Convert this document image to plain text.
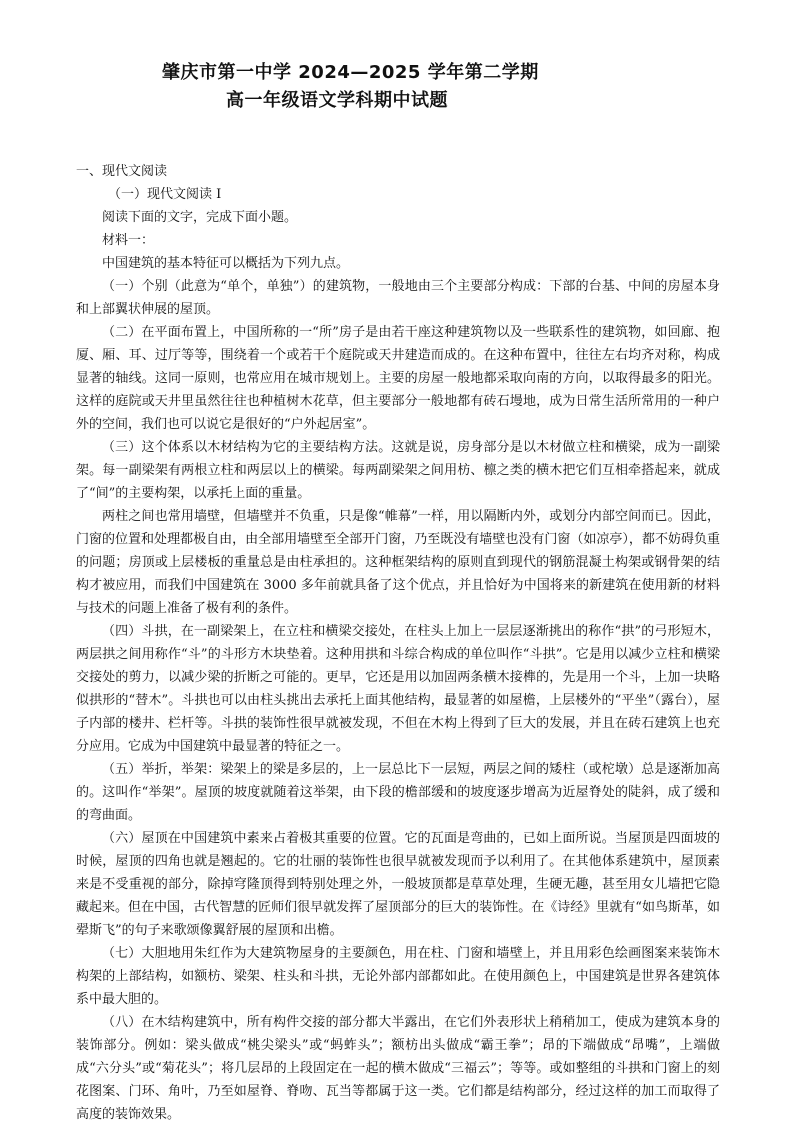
肇庆市第一中学 2024—2025 学年第二学期
高一年级语文学科期中试题

一、现代文阅读

（一）现代文阅读 I

阅读下面的文字，完成下面小题。

材料一：

中国建筑的基本特征可以概括为下列九点。

（一）个别（此意为“单个，单独”）的建筑物，一般地由三个主要部分构成：下部的台基、中间的房屋本身和上部翼状伸展的屋顶。

（二）在平面布置上，中国所称的一“所”房子是由若干座这种建筑物以及一些联系性的建筑物，如回廊、抱厦、厢、耳、过厅等等，围绕着一个或若干个庭院或天井建造而成的。在这种布置中，往往左右均齐对称，构成显著的轴线。这同一原则，也常应用在城市规划上。主要的房屋一般地都采取向南的方向，以取得最多的阳光。这样的庭院或天井里虽然往往也种植树木花草，但主要部分一般地都有砖石墁地，成为日常生活所常用的一种户外的空间，我们也可以说它是很好的“户外起居室”。

（三）这个体系以木材结构为它的主要结构方法。这就是说，房身部分是以木材做立柱和横梁，成为一副梁架。每一副梁架有两根立柱和两层以上的横梁。每两副梁架之间用枋、檩之类的横木把它们互相牵搭起来，就成了“间”的主要构架，以承托上面的重量。

两柱之间也常用墙壁，但墙壁并不负重，只是像“帷幕”一样，用以隔断内外，或划分内部空间而已。因此，门窗的位置和处理都极自由，由全部用墙壁至全部开门窗，乃至既没有墙壁也没有门窗（如凉亭），都不妨碍负重的问题；房顶或上层楼板的重量总是由柱承担的。这种框架结构的原则直到现代的钢筋混凝土构架或钢骨架的结构才被应用，而我们中国建筑在 3000 多年前就具备了这个优点，并且恰好为中国将来的新建筑在使用新的材料与技术的问题上准备了极有利的条件。

（四）斗拱，在一副梁架上，在立柱和横梁交接处，在柱头上加上一层层逐渐挑出的称作“拱”的弓形短木，两层拱之间用称作“斗”的斗形方木块垫着。这种用拱和斗综合构成的单位叫作“斗拱”。它是用以减少立柱和横梁交接处的剪力，以减少梁的折断之可能的。更早，它还是用以加固两条横木接榫的，先是用一个斗，上加一块略似拱形的“替木”。斗拱也可以由柱头挑出去承托上面其他结构，最显著的如屋檐，上层楼外的“平坐”（露台），屋子内部的楼井、栏杆等。斗拱的装饰性很早就被发现，不但在木构上得到了巨大的发展，并且在砖石建筑上也充分应用。它成为中国建筑中最显著的特征之一。

（五）举折，举架：梁架上的梁是多层的，上一层总比下一层短，两层之间的矮柱（或柁墩）总是逐渐加高的。这叫作“举架”。屋顶的坡度就随着这举架，由下段的檐部缓和的坡度逐步增高为近屋脊处的陡斜，成了缓和的弯曲面。

（六）屋顶在中国建筑中素来占着极其重要的位置。它的瓦面是弯曲的，已如上面所说。当屋顶是四面坡的时候，屋顶的四角也就是翘起的。它的壮丽的装饰性也很早就被发现而予以利用了。在其他体系建筑中，屋顶素来是不受重视的部分，除掉穹隆顶得到特别处理之外，一般坡顶都是草草处理，生硬无趣，甚至用女儿墙把它隐藏起来。但在中国，古代智慧的匠师们很早就发挥了屋顶部分的巨大的装饰性。在《诗经》里就有“如鸟斯革，如翚斯飞”的句子来歌颂像翼舒展的屋顶和出檐。

（七）大胆地用朱红作为大建筑物屋身的主要颜色，用在柱、门窗和墙壁上，并且用彩色绘画图案来装饰木构架的上部结构，如额枋、梁架、柱头和斗拱，无论外部内部都如此。在使用颜色上，中国建筑是世界各建筑体系中最大胆的。

（八）在木结构建筑中，所有构件交接的部分都大半露出，在它们外表形状上稍稍加工，使成为建筑本身的装饰部分。例如：梁头做成“桃尖梁头”或“蚂蚱头”；额枋出头做成“霸王拳”；昂的下端做成“昂嘴”，上端做成“六分头”或“菊花头”；将几层昂的上段固定在一起的横木做成“三福云”；等等。或如整组的斗拱和门窗上的刻花图案、门环、角叶，乃至如屋脊、脊吻、瓦当等都属于这一类。它们都是结构部分，经过这样的加工而取得了高度的装饰效果。
